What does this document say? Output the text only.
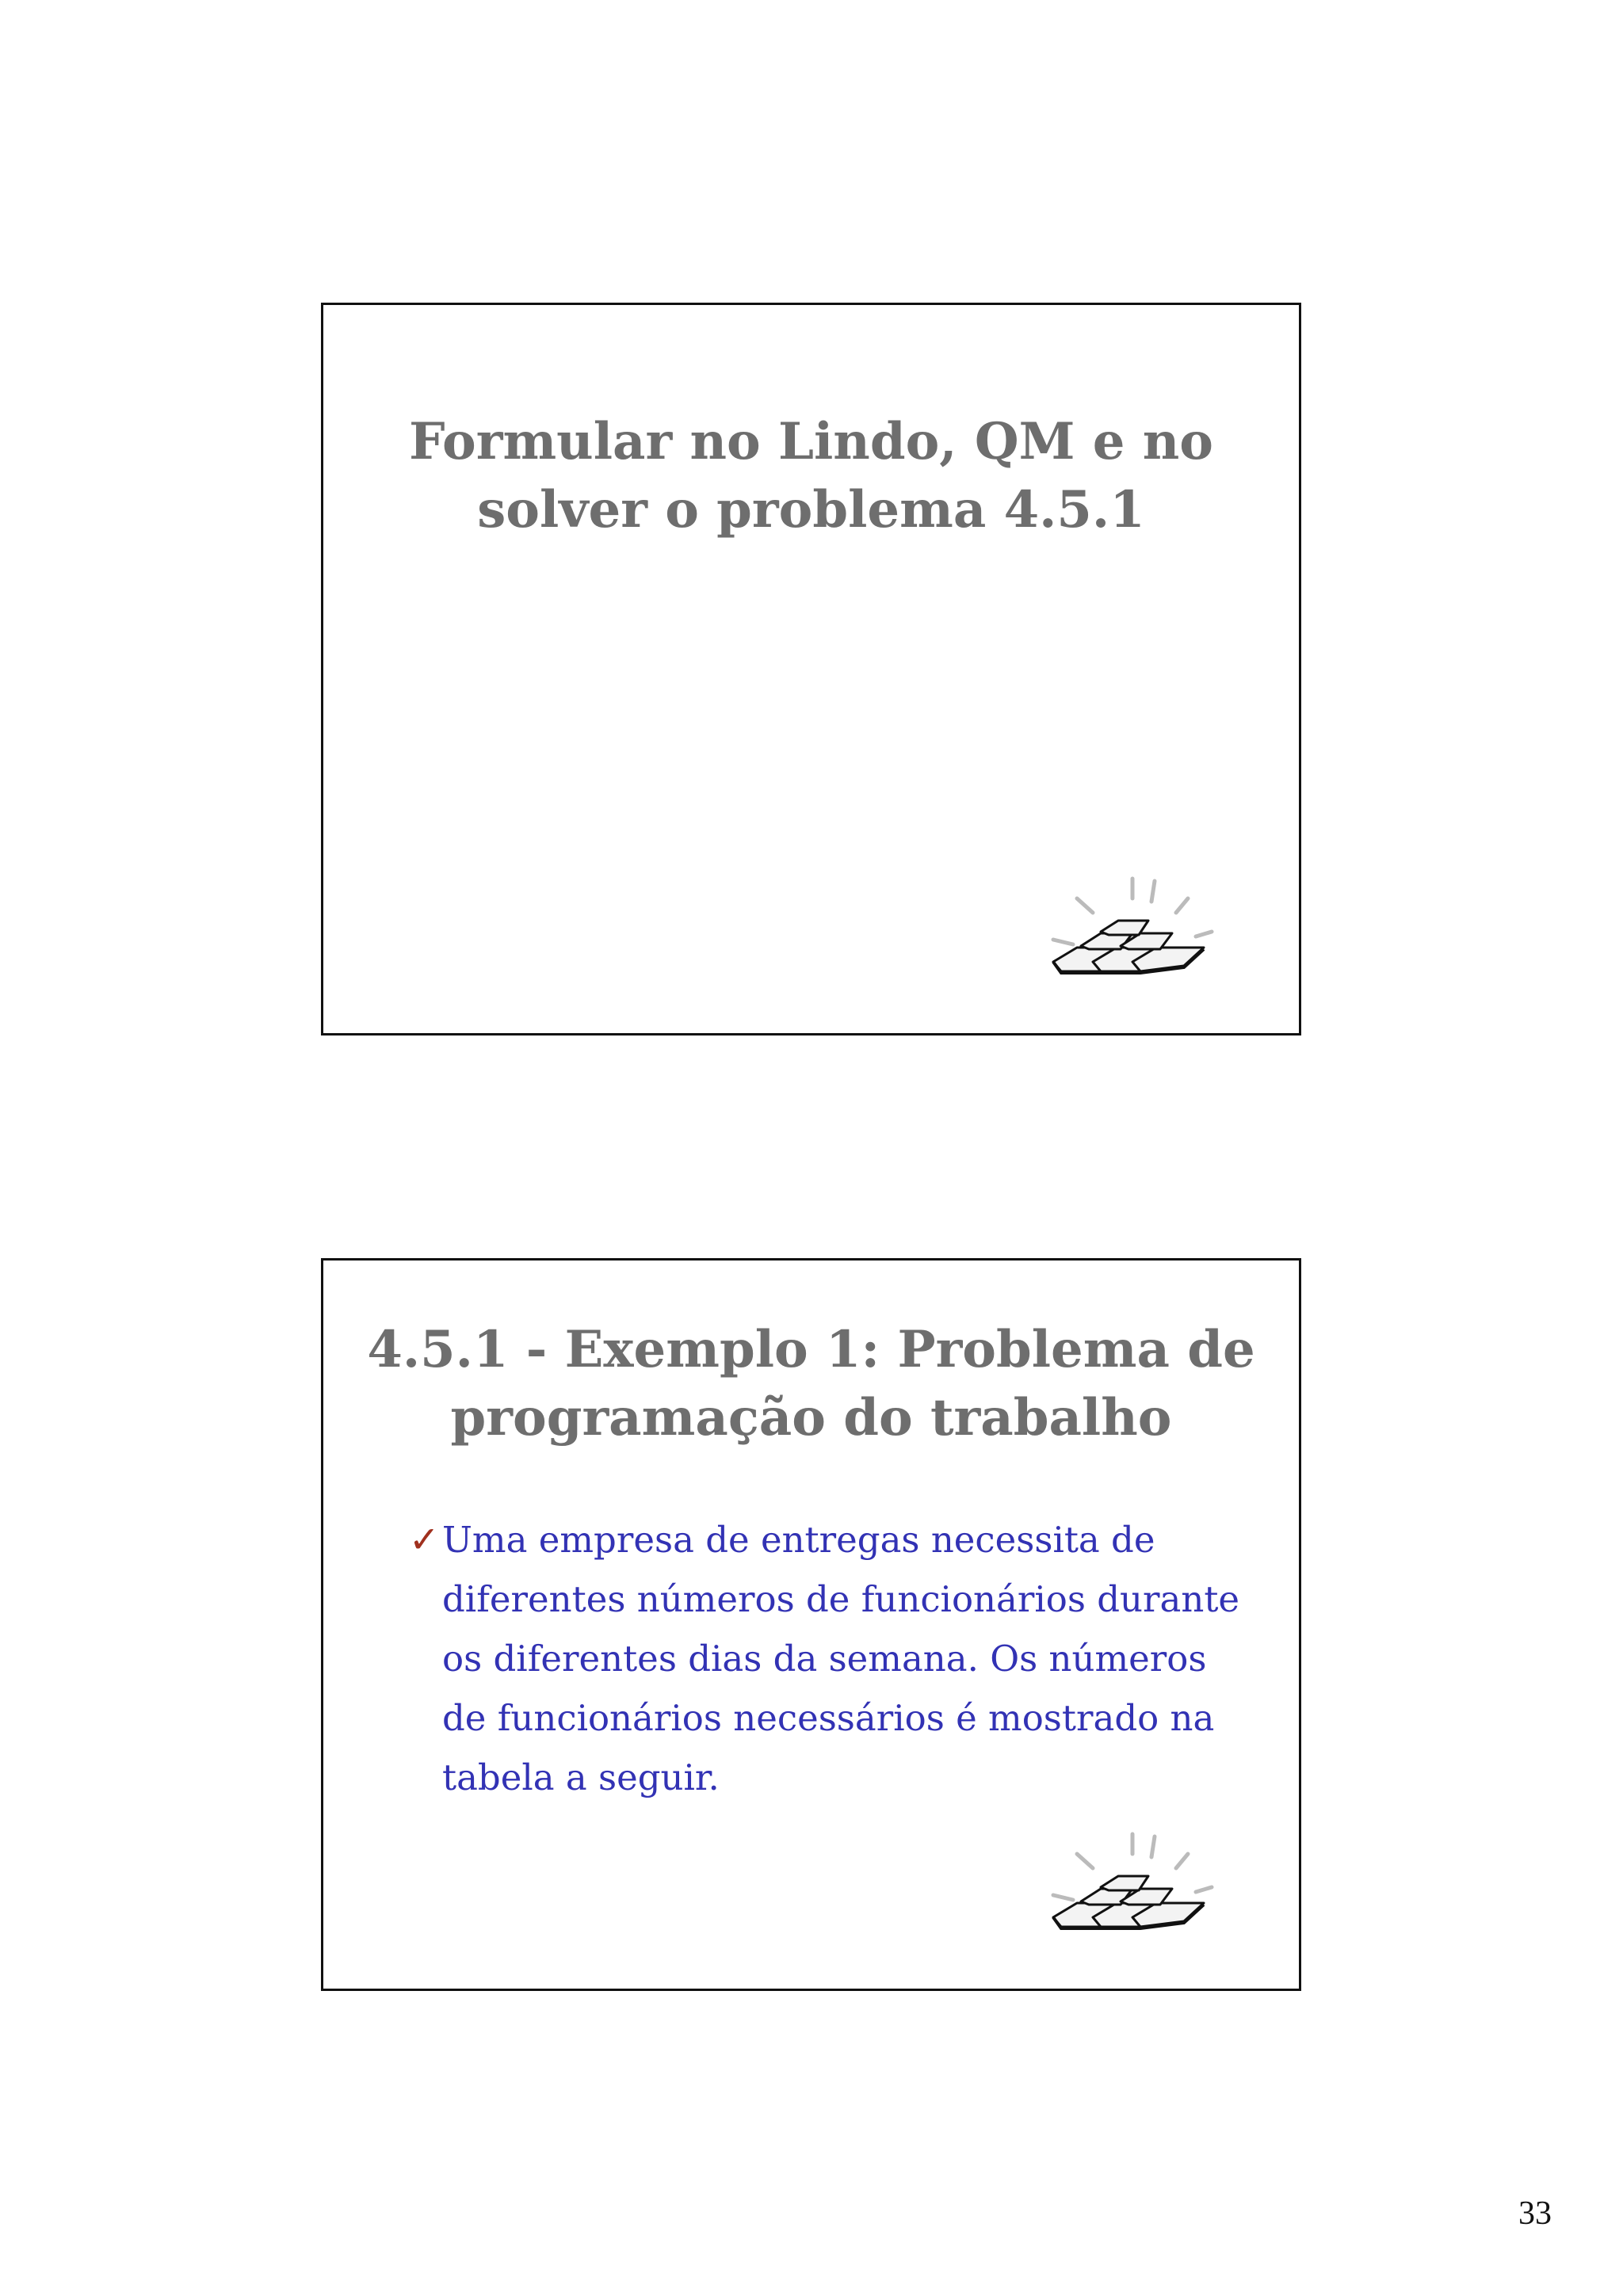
Formular no Lindo, QM e no solver o problema 4.5.1
4.5.1 - Exemplo 1: Problema de programação do trabalho
✓ Uma empresa de entregas necessita de diferentes números de funcionários durante os diferentes dias da semana. Os números de funcionários necessários é mostrado na tabela a seguir.
33
